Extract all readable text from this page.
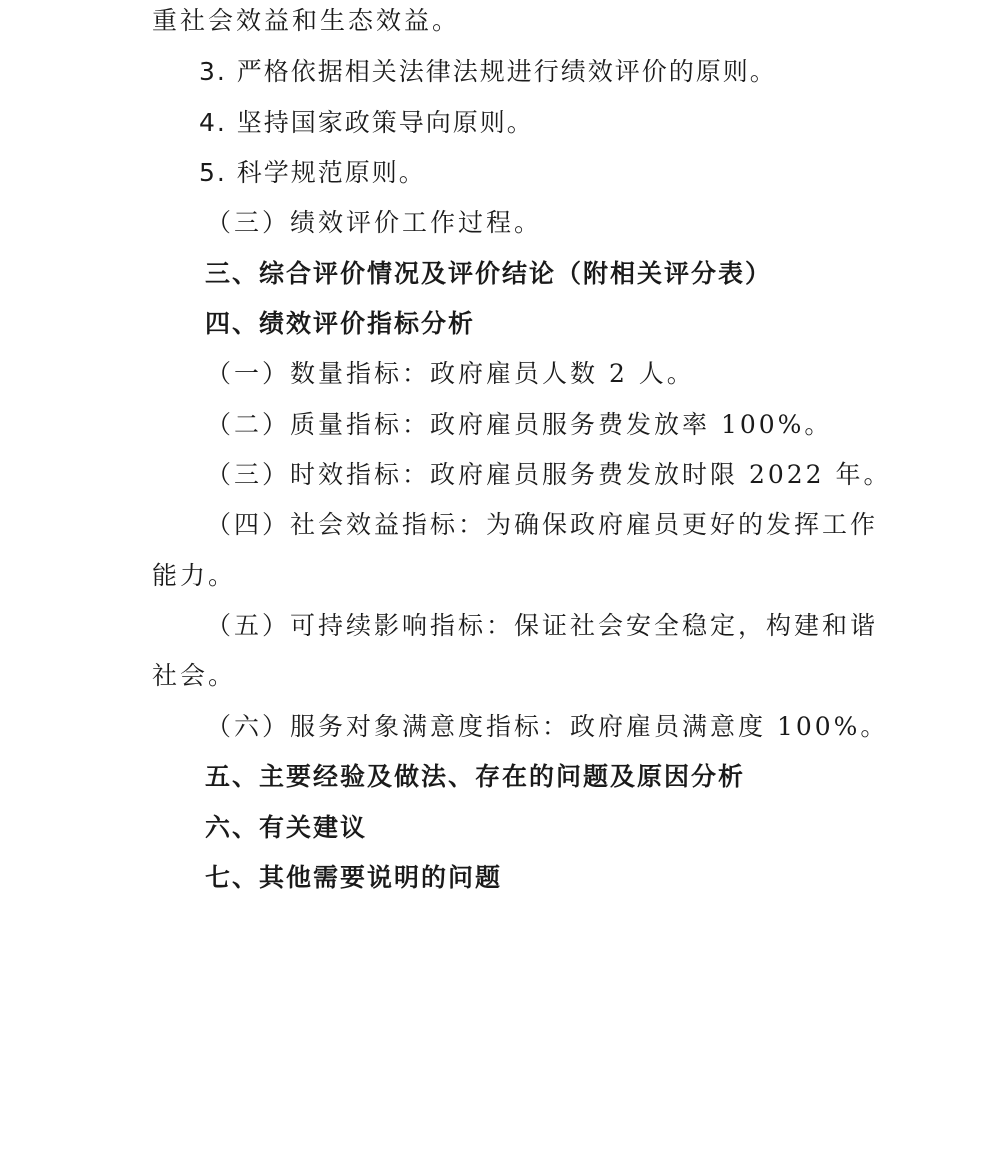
重社会效益和生态效益。
3. 严格依据相关法律法规进行绩效评价的原则。
4. 坚持国家政策导向原则。
5. 科学规范原则。
（三）绩效评价工作过程。
三、综合评价情况及评价结论（附相关评分表）
四、绩效评价指标分析
（一）数量指标：政府雇员人数 2 人。
（二）质量指标：政府雇员服务费发放率 100%。
（三）时效指标：政府雇员服务费发放时限 2022 年。
（四）社会效益指标：为确保政府雇员更好的发挥工作
能力。
（五）可持续影响指标：保证社会安全稳定，构建和谐
社会。
（六）服务对象满意度指标：政府雇员满意度 100%。
五、主要经验及做法、存在的问题及原因分析
六、有关建议
七、其他需要说明的问题
